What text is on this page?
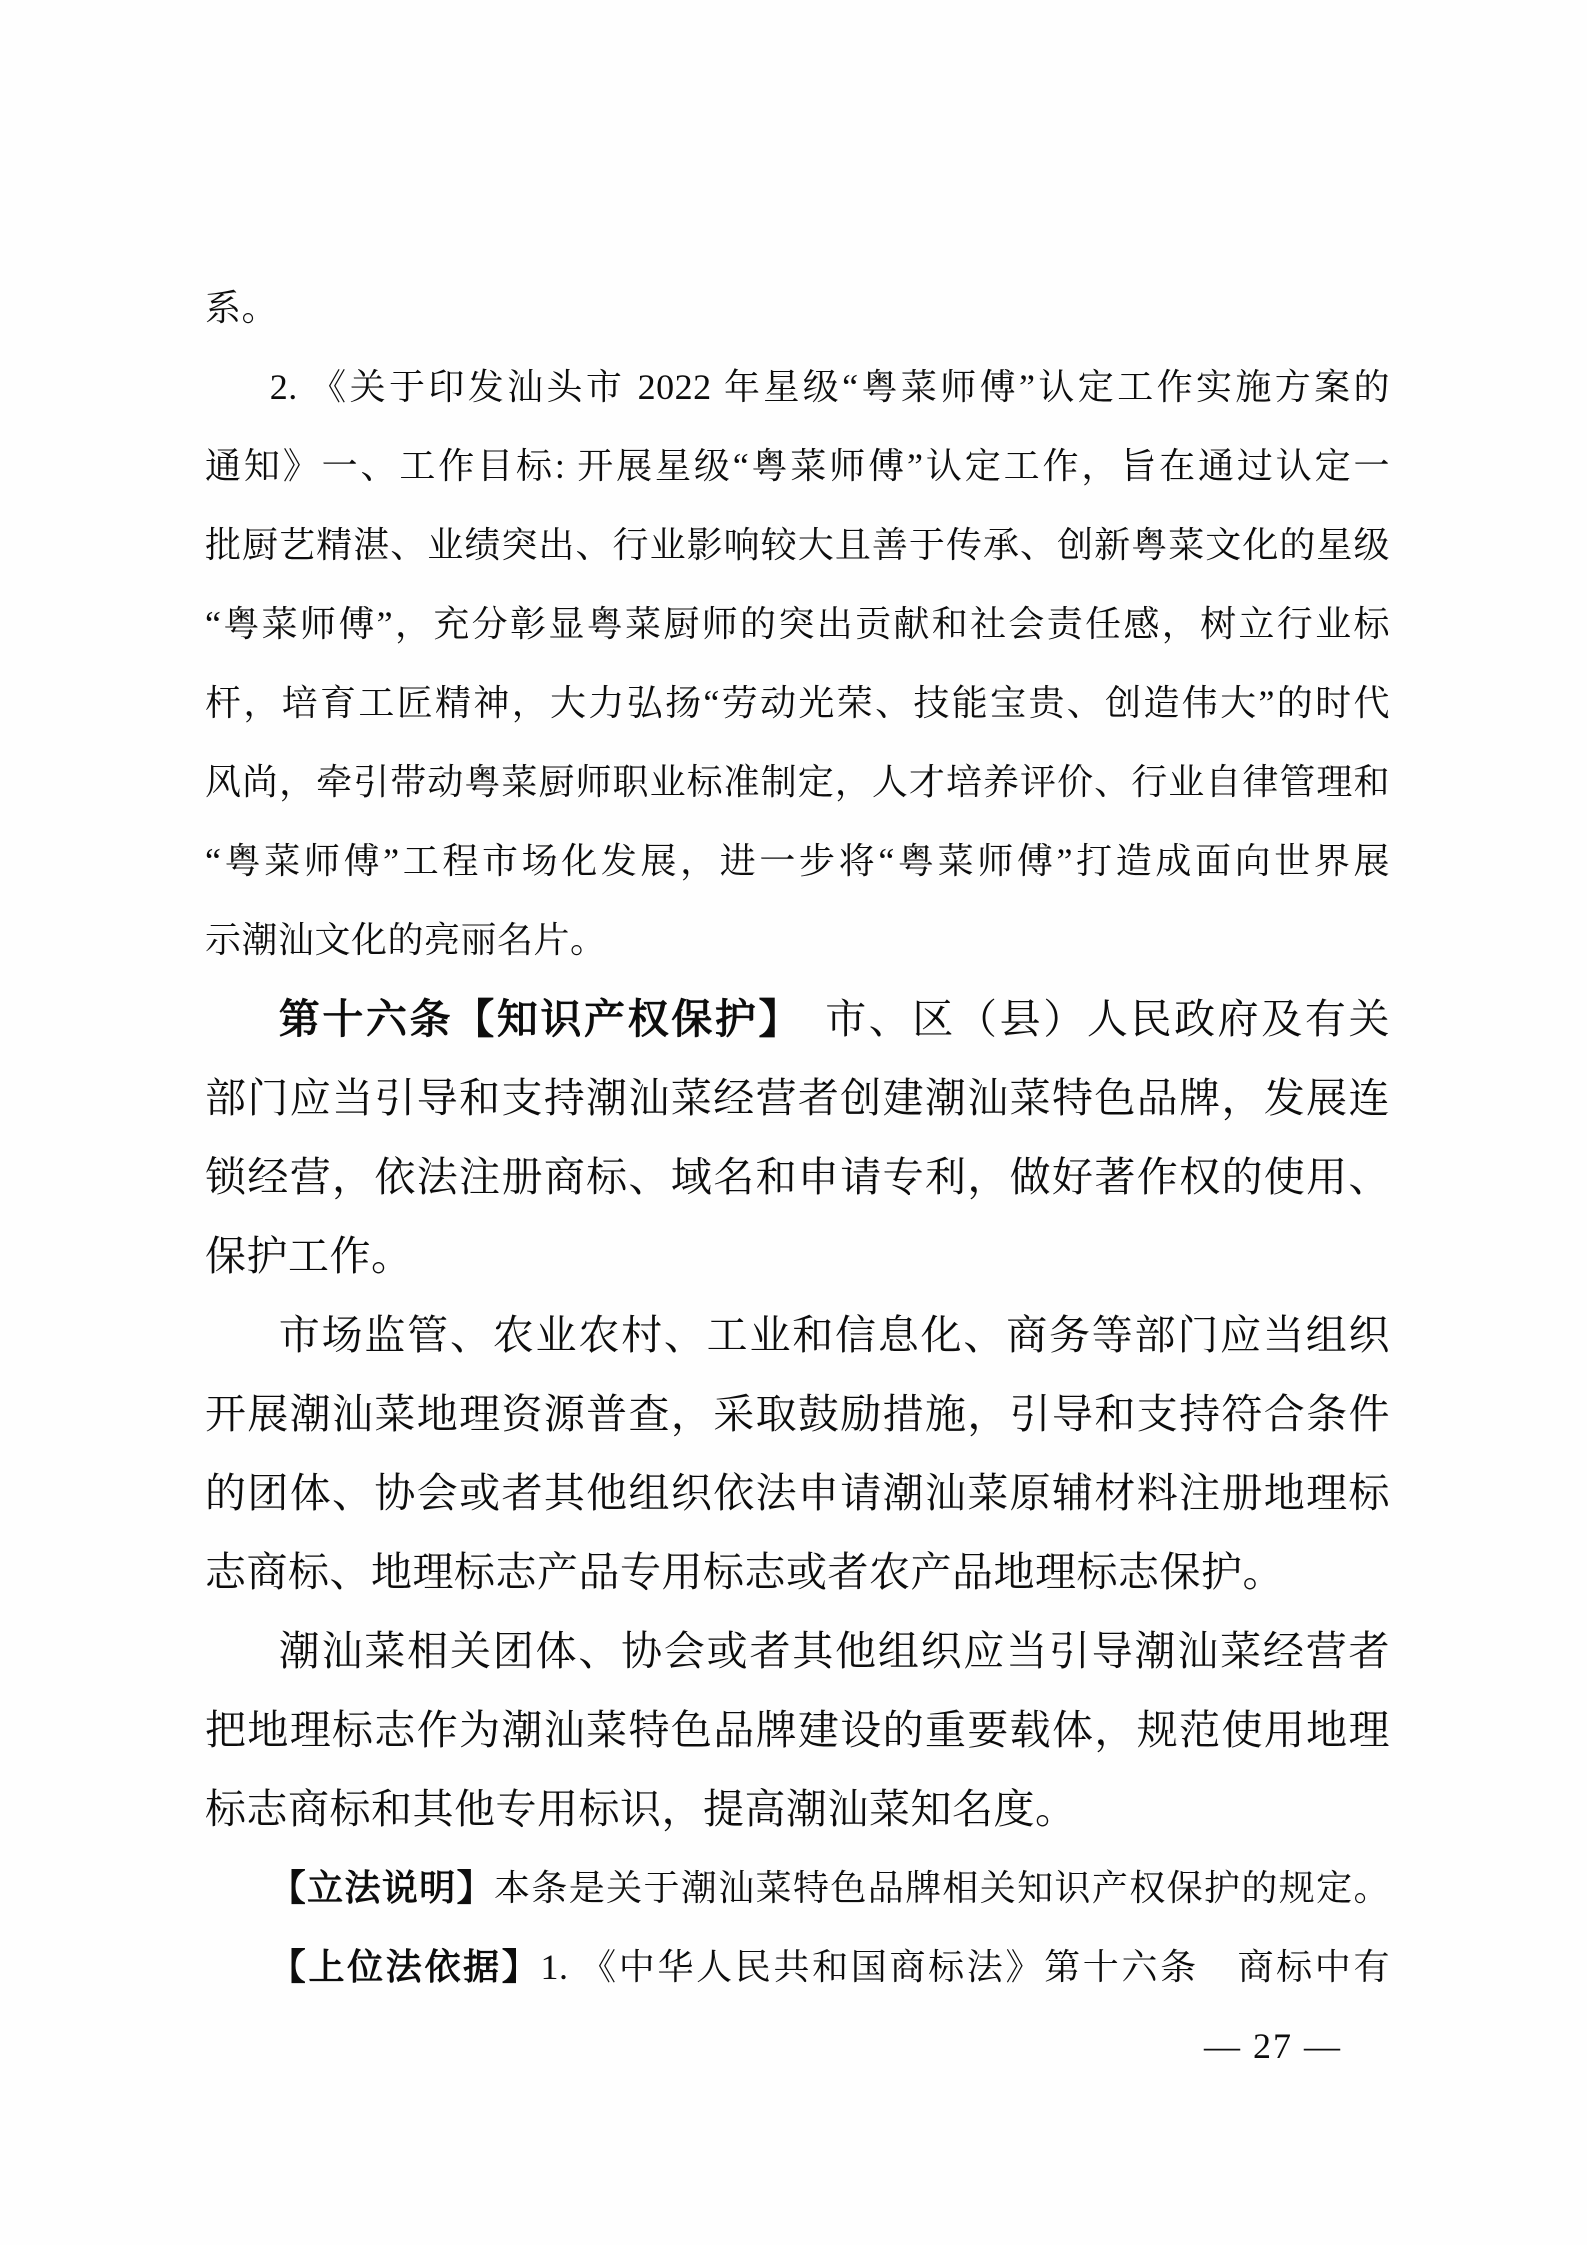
系。
2. 《关于印发汕头市 2022 年星级“粤菜师傅”认定工作实施方案的
通知》一、工作目标: 开展星级“粤菜师傅”认定工作，旨在通过认定一
批厨艺精湛、业绩突出、行业影响较大且善于传承、创新粤菜文化的星级
“粤菜师傅”，充分彰显粤菜厨师的突出贡献和社会责任感，树立行业标
杆，培育工匠精神，大力弘扬“劳动光荣、技能宝贵、创造伟大”的时代
风尚，牵引带动粤菜厨师职业标准制定，人才培养评价、行业自律管理和
“粤菜师傅”工程市场化发展，进一步将“粤菜师傅”打造成面向世界展
示潮汕文化的亮丽名片。
第十六条【知识产权保护】　市、区（县）人民政府及有关
部门应当引导和支持潮汕菜经营者创建潮汕菜特色品牌，发展连
锁经营，依法注册商标、域名和申请专利，做好著作权的使用、
保护工作。
市场监管、农业农村、工业和信息化、商务等部门应当组织
开展潮汕菜地理资源普查，采取鼓励措施，引导和支持符合条件
的团体、协会或者其他组织依法申请潮汕菜原辅材料注册地理标
志商标、地理标志产品专用标志或者农产品地理标志保护。
潮汕菜相关团体、协会或者其他组织应当引导潮汕菜经营者
把地理标志作为潮汕菜特色品牌建设的重要载体，规范使用地理
标志商标和其他专用标识，提高潮汕菜知名度。
【立法说明】本条是关于潮汕菜特色品牌相关知识产权保护的规定。
【上位法依据】1. 《中华人民共和国商标法》第十六条　商标中有
— 27 —
